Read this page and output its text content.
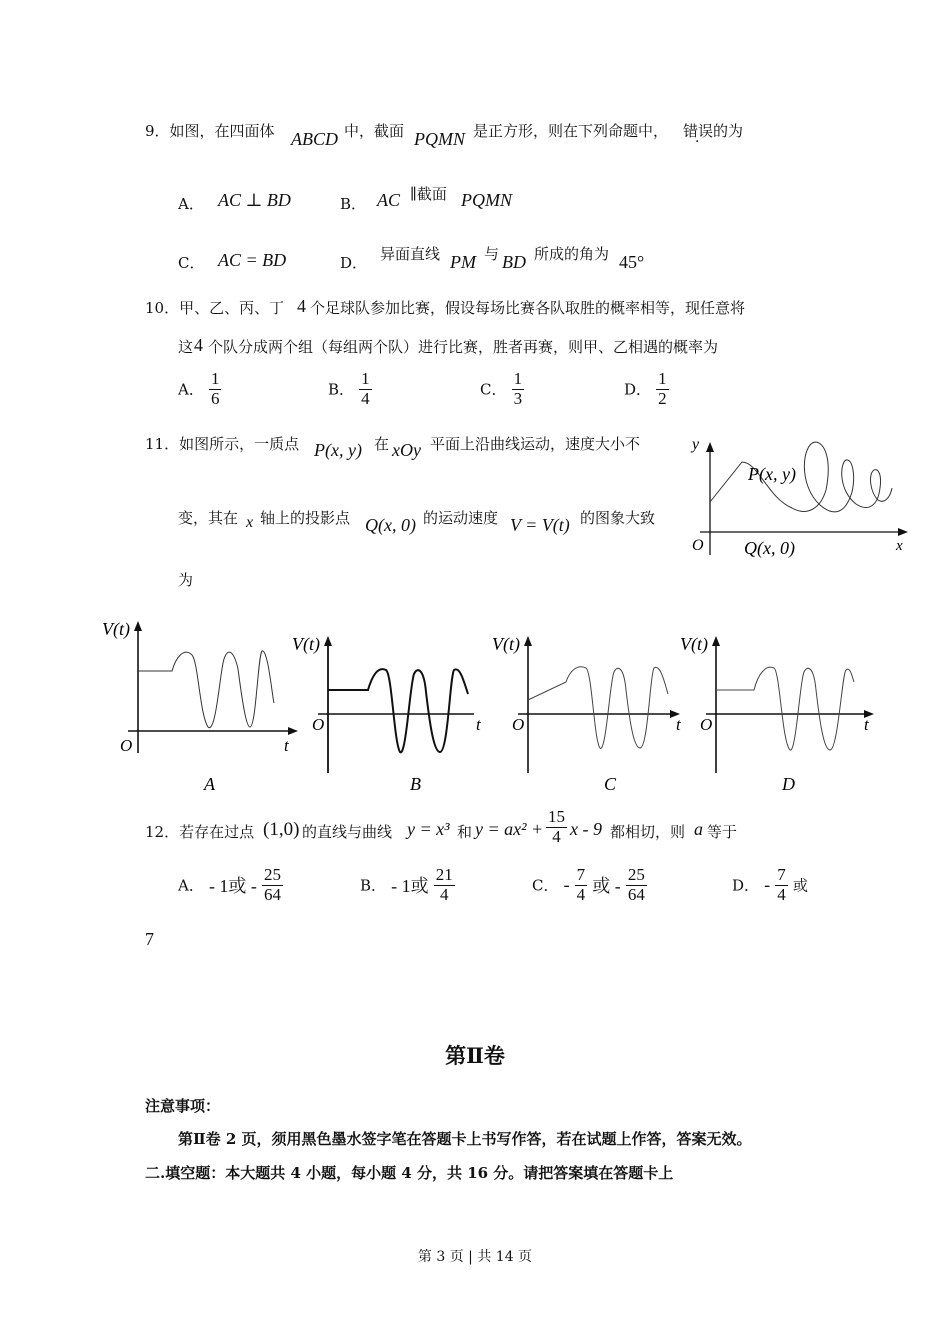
9．如图，在四面体 ABCD 中，截面 PQMN 是正方形，则在下列命题中， 错误 的为
A． AC ⊥ BD	B． AC ∥截面 PQMN
C． AC = BD	D． 异面直线 PM 与 BD 所成的角为 45°
10．甲、乙、丙、丁 4 个足球队参加比赛，假设每场比赛各队取胜的概率相等，现任意将
这 4 个队分成两个组（每组两个队）进行比赛，胜者再赛，则甲、乙相遇的概率为
A． $\frac{1}{6}$	B． $\frac{1}{4}$	C． $\frac{1}{3}$	D． $\frac{1}{2}$
11．如图所示，一质点 P(x, y) 在 xOy 平面上沿曲线运动，速度大小不
变，其在 x 轴上的投影点 Q(x, 0) 的运动速度 V = V(t) 的图象大致
为
y
x
O
P(x, y)
Q(x, 0)
V(t)
O	t
A
V(t)
O	t
B
V(t)
O	t
C
V(t)
O	t
D
12．若存在过点 (1,0) 的直线与曲线 y = x³ 和 $y = ax^2 + \frac{15}{4}$ x - 9 都相切，则 a 等于
A． - 1或 - $\frac{25}{64}$	B． - 1或 $\frac{21}{4}$	C． - $\frac{7}{4}$ 或 - $\frac{25}{64}$	D． - $\frac{7}{4}$ 或
7
第Ⅱ卷
注意事项：
第Ⅱ卷 2 页，须用黑色墨水签字笔在答题卡上书写作答，若在试题上作答，答案无效。
二.填空题：本大题共 4 小题，每小题 4 分，共 16 分。请把答案填在答题卡上
第 3 页 | 共 14 页
